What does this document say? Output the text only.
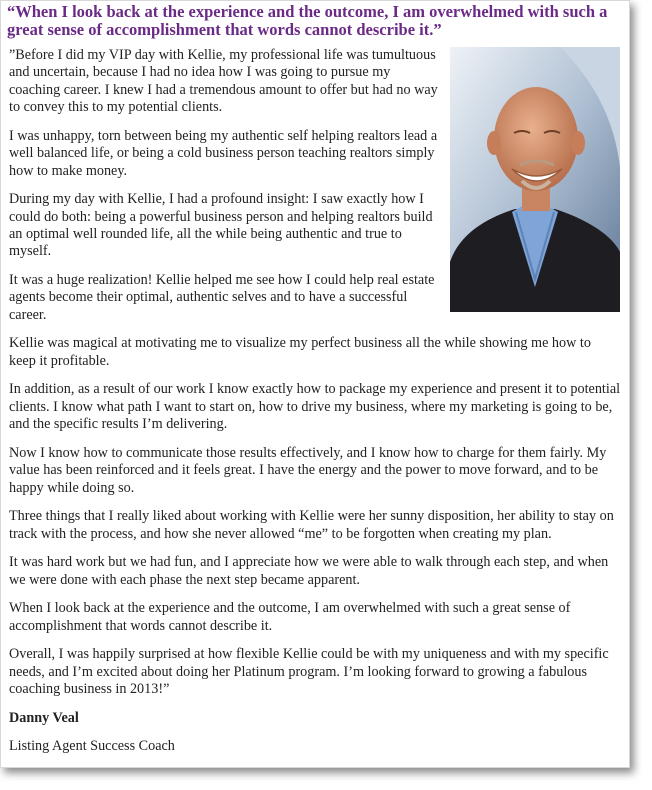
“When I look back at the experience and the outcome, I am overwhelmed with such a great sense of accomplishment that words cannot describe it.”

”Before I did my VIP day with Kellie, my professional life was tumultuous and uncertain, because I had no idea how I was going to pursue my coaching career. I knew I had a tremendous amount to offer but had no way to convey this to my potential clients.

I was unhappy, torn between being my authentic self helping realtors lead a well balanced life, or being a cold business person teaching realtors simply how to make money.

During my day with Kellie, I had a profound insight: I saw exactly how I could do both: being a powerful business person and helping realtors build an optimal well rounded life, all the while being authentic and true to myself.

It was a huge realization! Kellie helped me see how I could help real estate agents become their optimal, authentic selves and to have a successful career.

Kellie was magical at motivating me to visualize my perfect business all the while showing me how to keep it profitable.

In addition, as a result of our work I know exactly how to package my experience and present it to potential clients. I know what path I want to start on, how to drive my business, where my marketing is going to be, and the specific results I’m delivering.

Now I know how to communicate those results effectively, and I know how to charge for them fairly. My value has been reinforced and it feels great. I have the energy and the power to move forward, and to be happy while doing so.

Three things that I really liked about working with Kellie were her sunny disposition, her ability to stay on track with the process, and how she never allowed “me” to be forgotten when creating my plan.

It was hard work but we had fun, and I appreciate how we were able to walk through each step, and when we were done with each phase the next step became apparent.

When I look back at the experience and the outcome, I am overwhelmed with such a great sense of accomplishment that words cannot describe it.

Overall, I was happily surprised at how flexible Kellie could be with my uniqueness and with my specific needs, and I’m excited about doing her Platinum program. I’m looking forward to growing a fabulous coaching business in 2013!”

Danny Veal

Listing Agent Success Coach
